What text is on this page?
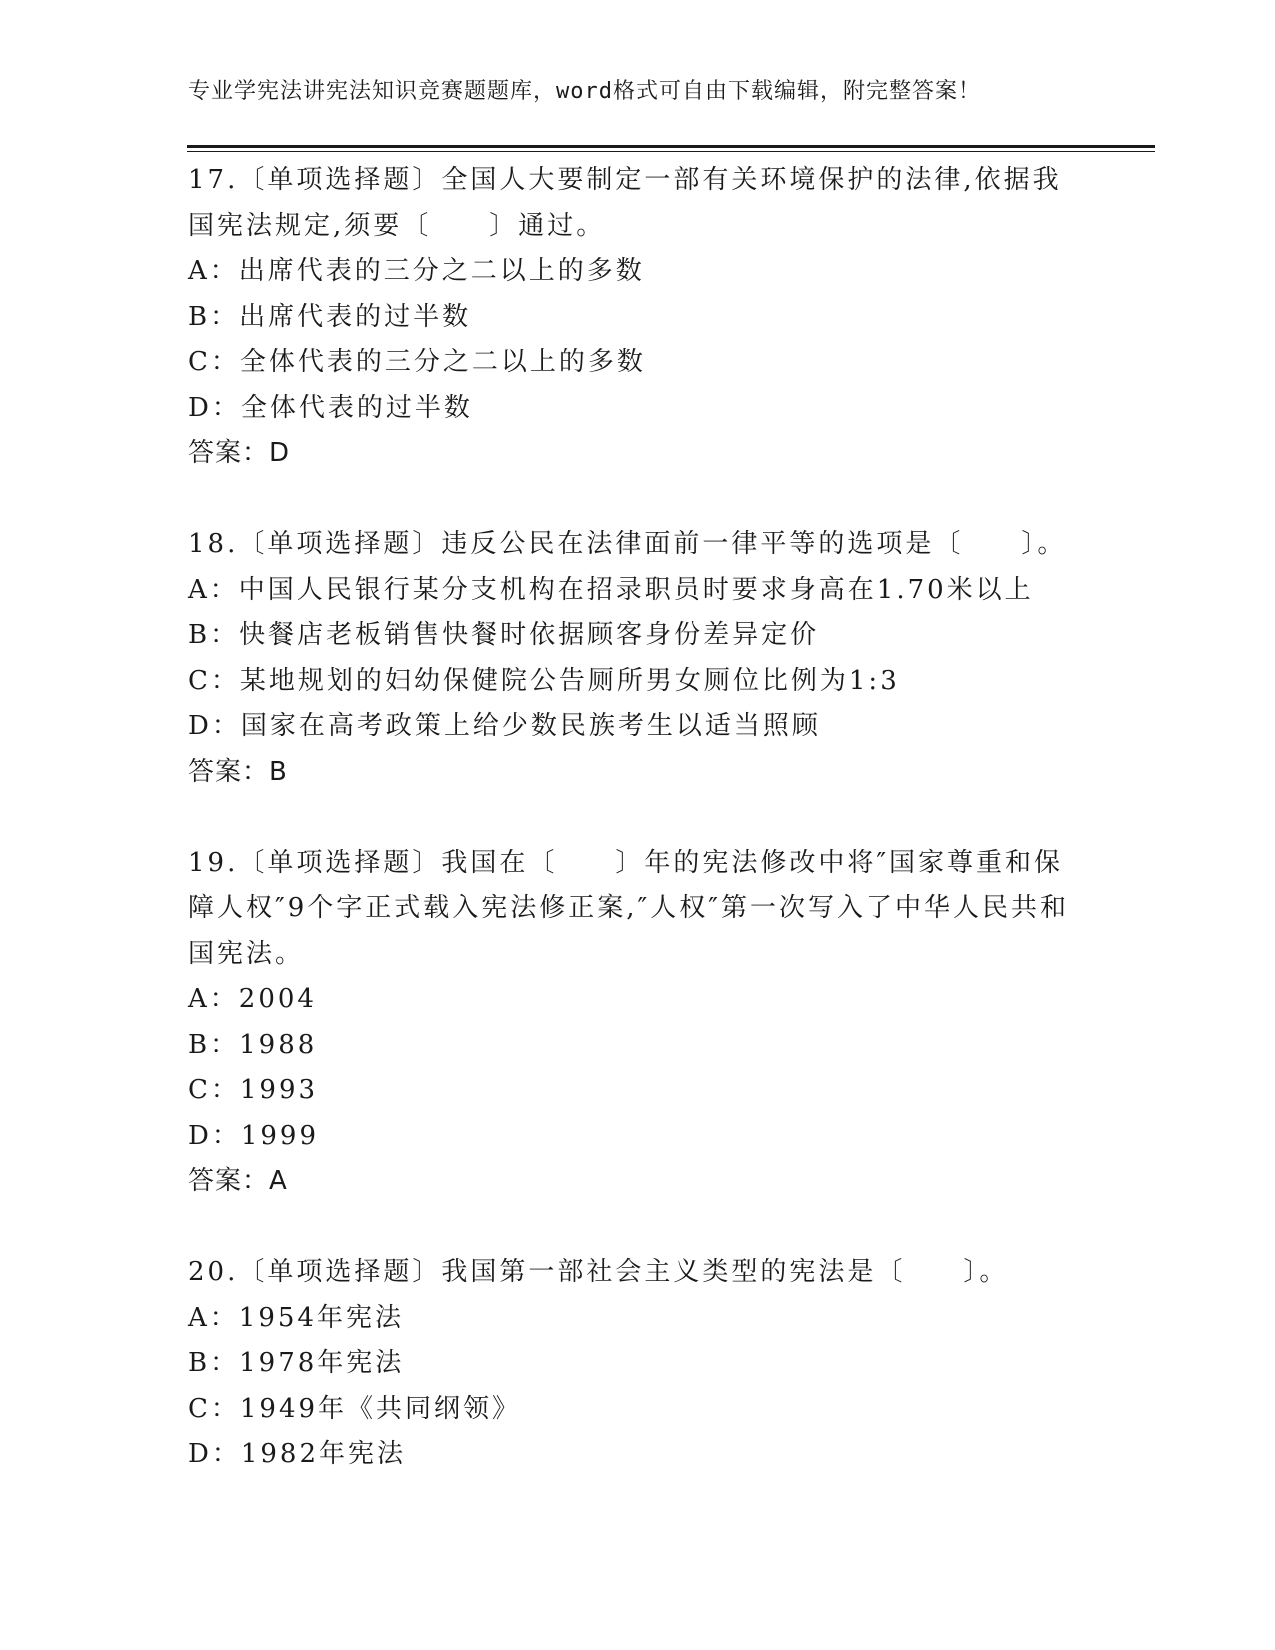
专业学宪法讲宪法知识竞赛题题库，word格式可自由下载编辑，附完整答案！
17.〔单项选择题〕全国人大要制定一部有关环境保护的法律,依据我国宪法规定,须要〔　　〕通过。
A：出席代表的三分之二以上的多数
B：出席代表的过半数
C：全体代表的三分之二以上的多数
D：全体代表的过半数
答案：D
18.〔单项选择题〕违反公民在法律面前一律平等的选项是〔　　〕。
A：中国人民银行某分支机构在招录职员时要求身高在1.70米以上
B：快餐店老板销售快餐时依据顾客身份差异定价
C：某地规划的妇幼保健院公告厕所男女厕位比例为1:3
D：国家在高考政策上给少数民族考生以适当照顾
答案：B
19.〔单项选择题〕我国在〔　　〕年的宪法修改中将″国家尊重和保障人权″9个字正式载入宪法修正案,″人权″第一次写入了中华人民共和国宪法。
A：2004
B：1988
C：1993
D：1999
答案：A
20.〔单项选择题〕我国第一部社会主义类型的宪法是〔　　〕。
A：1954年宪法
B：1978年宪法
C：1949年《共同纲领》
D：1982年宪法
